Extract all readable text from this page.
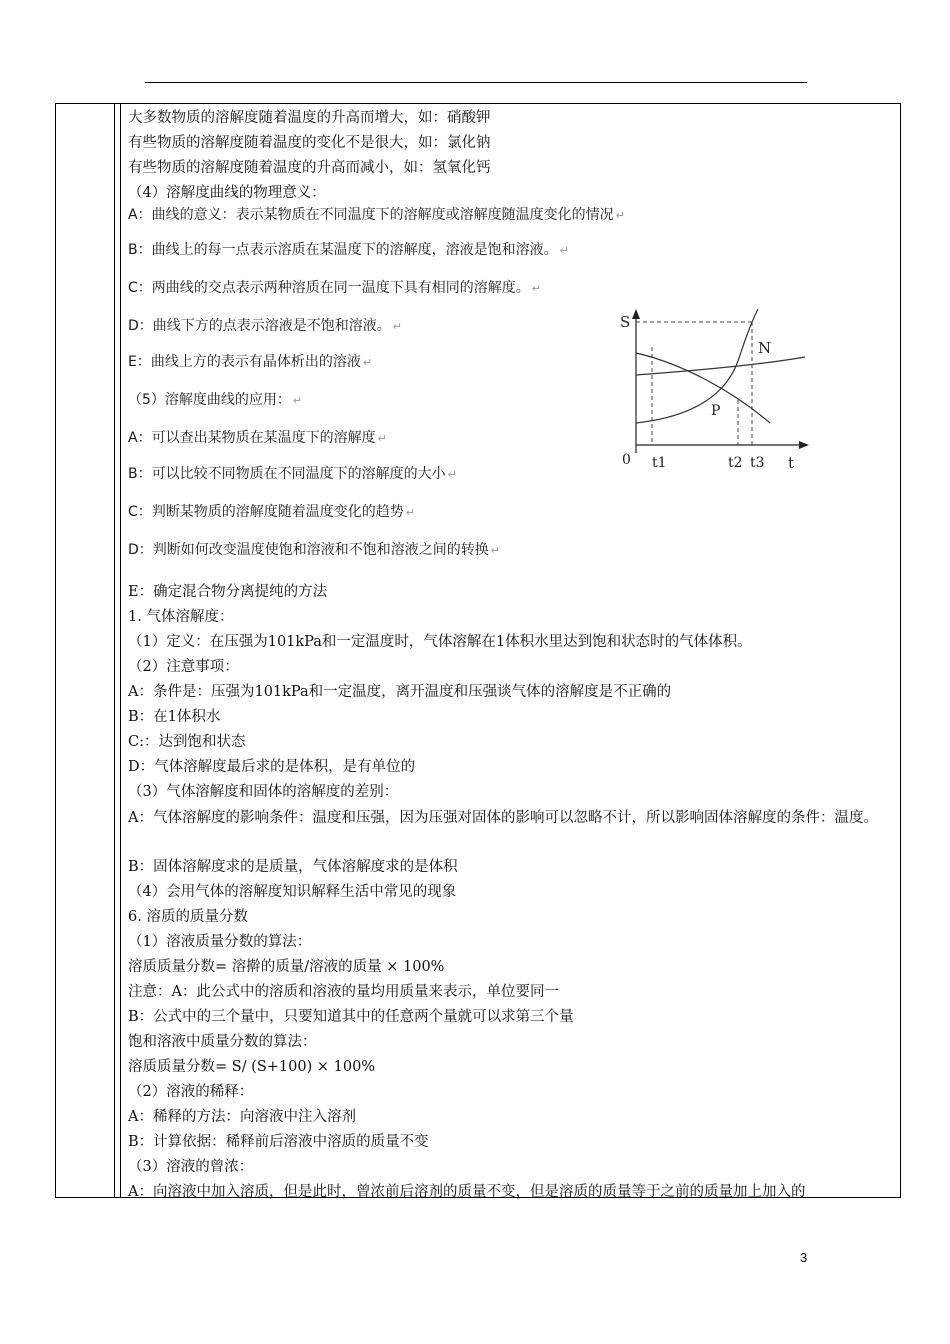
大多数物质的溶解度随着温度的升高而增大，如：硝酸钾
有些物质的溶解度随着温度的变化不是很大，如：氯化钠
有些物质的溶解度随着温度的升高而减小，如：氢氧化钙
（4）溶解度曲线的物理意义：
A：曲线的意义：表示某物质在不同温度下的溶解度或溶解度随温度变化的情况 ↵
B：曲线上的每一点表示溶质在某温度下的溶解度，溶液是饱和溶液。 ↵
C：两曲线的交点表示两种溶质在同一温度下具有相同的溶解度。 ↵
D：曲线下方的点表示溶液是不饱和溶液。 ↵
E：曲线上方的表示有晶体析出的溶液 ↵
（5）溶解度曲线的应用： ↵
A：可以查出某物质在某温度下的溶解度 ↵
B：可以比较不同物质在不同温度下的溶解度的大小 ↵
C：判断某物质的溶解度随着温度变化的趋势 ↵
D：判断如何改变温度使饱和溶液和不饱和溶液之间的转换 ↵
E：确定混合物分离提纯的方法
1. 气体溶解度：
（1）定义：在压强为101kPa和一定温度时，气体溶解在1体积水里达到饱和状态时的气体体积。
（2）注意事项：
A：条件是：压强为101kPa和一定温度，离开温度和压强谈气体的溶解度是不正确的
B：在1体积水
C:：达到饱和状态
D：气体溶解度最后求的是体积，是有单位的
（3）气体溶解度和固体的溶解度的差别：
A：气体溶解度的影响条件：温度和压强，因为压强对固体的影响可以忽略不计，所以影响固体溶解度的条件：温度。
B：固体溶解度求的是质量，气体溶解度求的是体积
（4）会用气体的溶解度知识解释生活中常见的现象
6. 溶质的质量分数
（1）溶液质量分数的算法：
溶质质量分数= 溶擀的质量/溶液的质量 × 100%
注意：A：此公式中的溶质和溶液的量均用质量来表示，单位要同一
B：公式中的三个量中，只要知道其中的任意两个量就可以求第三个量
饱和溶液中质量分数的算法：
溶质质量分数= S/ (S+100) × 100%
（2）溶液的稀释：
A：稀释的方法：向溶液中注入溶剂
B：计算依据：稀释前后溶液中溶质的质量不变
（3）溶液的曾浓：
A：向溶液中加入溶质，但是此时，曾浓前后溶剂的质量不变，但是溶质的质量等于之前的质量加上加入的
S
t
0 t1	t2 t3
P
N
3
